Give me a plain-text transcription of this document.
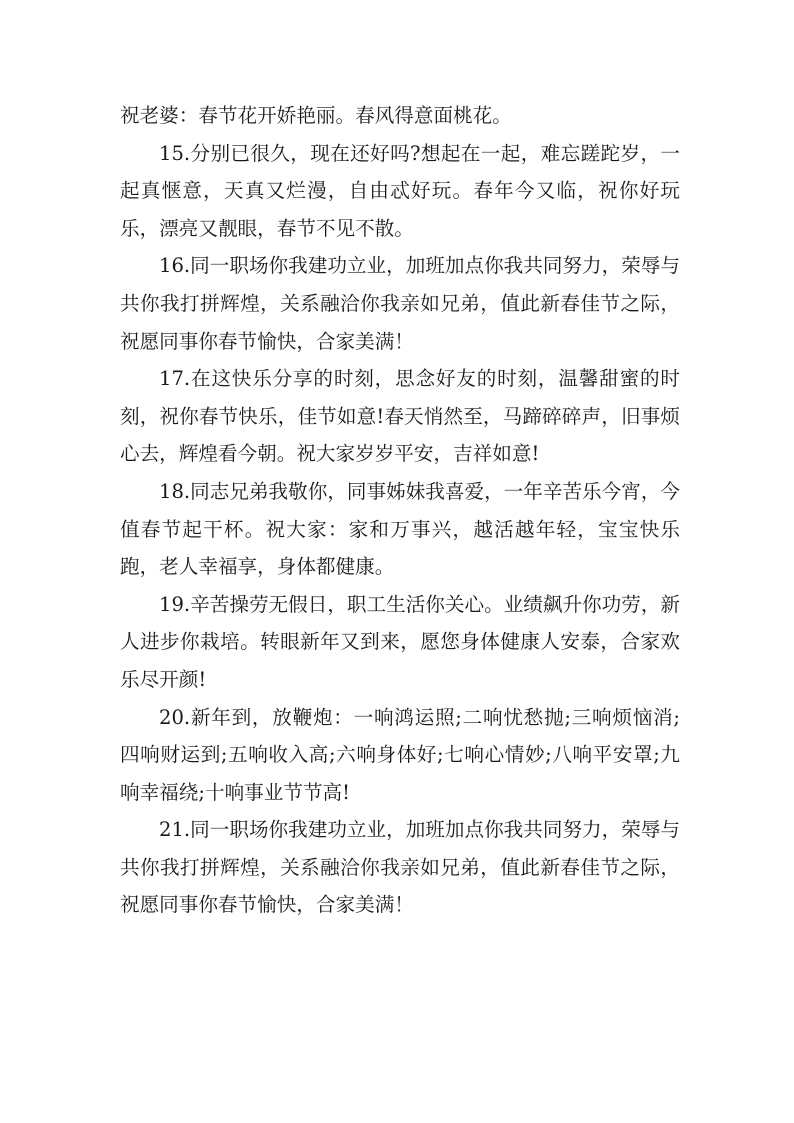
祝老婆：春节花开娇艳丽。春风得意面桃花。

15.分别已很久，现在还好吗?想起在一起，难忘蹉跎岁，一起真惬意，天真又烂漫，自由忒好玩。春年今又临，祝你好玩乐，漂亮又靓眼，春节不见不散。

16.同一职场你我建功立业，加班加点你我共同努力，荣辱与共你我打拼辉煌，关系融洽你我亲如兄弟，值此新春佳节之际，祝愿同事你春节愉快，合家美满！

17.在这快乐分享的时刻，思念好友的时刻，温馨甜蜜的时刻，祝你春节快乐，佳节如意!春天悄然至，马蹄碎碎声，旧事烦心去，辉煌看今朝。祝大家岁岁平安，吉祥如意!

18.同志兄弟我敬你，同事姊妹我喜爱，一年辛苦乐今宵，今值春节起干杯。祝大家：家和万事兴，越活越年轻，宝宝快乐跑，老人幸福享，身体都健康。

19.辛苦操劳无假日，职工生活你关心。业绩飙升你功劳，新人进步你栽培。转眼新年又到来，愿您身体健康人安泰，合家欢乐尽开颜!

20.新年到，放鞭炮：一响鸿运照;二响忧愁抛;三响烦恼消;四响财运到;五响收入高;六响身体好;七响心情妙;八响平安罩;九响幸福绕;十响事业节节高!

21.同一职场你我建功立业，加班加点你我共同努力，荣辱与共你我打拼辉煌，关系融洽你我亲如兄弟，值此新春佳节之际，祝愿同事你春节愉快，合家美满！
